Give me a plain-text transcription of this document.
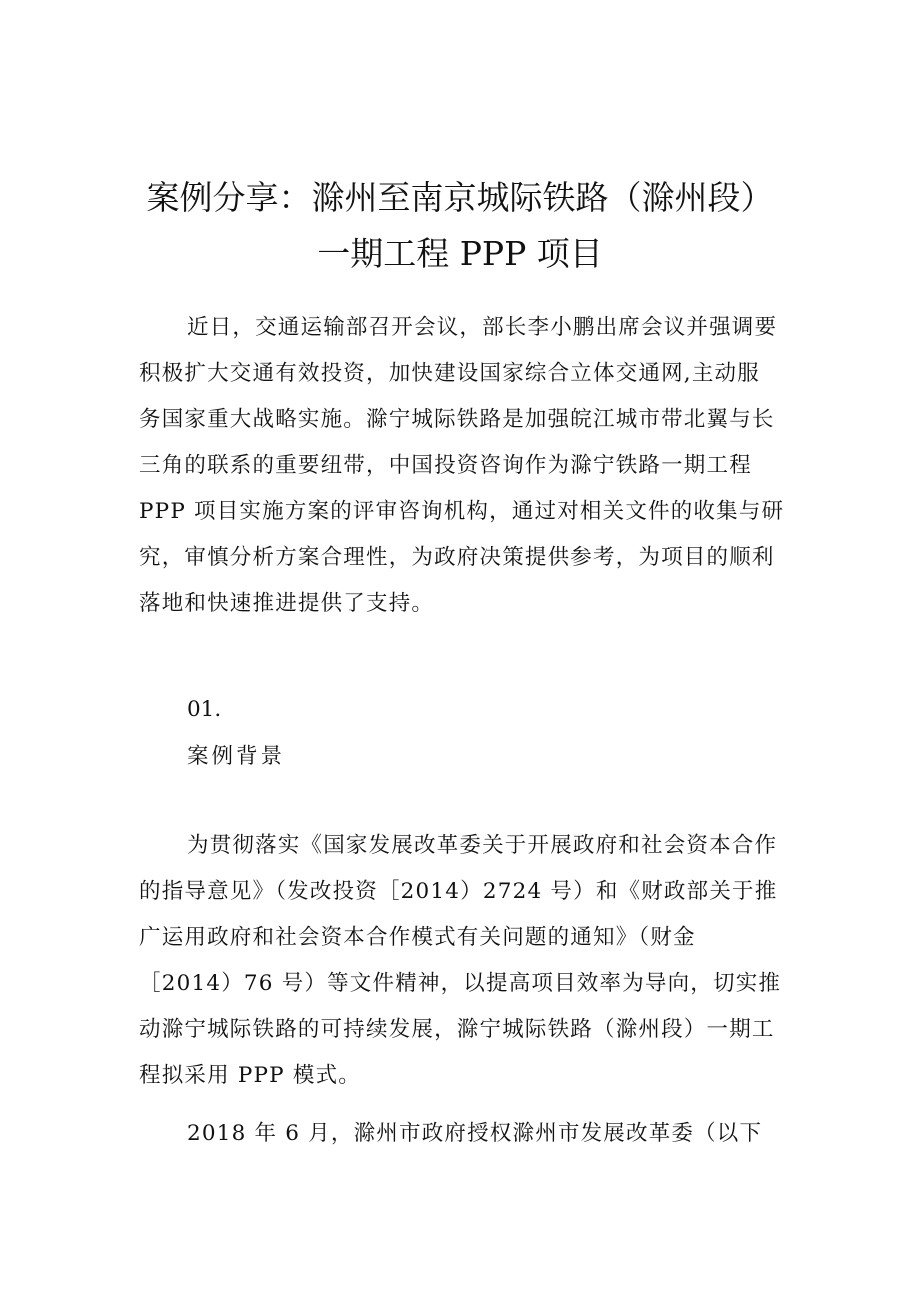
案例分享：滁州至南京城际铁路（滁州段）
一期工程 PPP 项目
近日，交通运输部召开会议，部长李小鹏出席会议并强调要
积极扩大交通有效投资，加快建设国家综合立体交通网,主动服
务国家重大战略实施。滁宁城际铁路是加强皖江城市带北翼与长
三角的联系的重要纽带，中国投资咨询作为滁宁铁路一期工程
PPP 项目实施方案的评审咨询机构，通过对相关文件的收集与研
究，审慎分析方案合理性，为政府决策提供参考，为项目的顺利
落地和快速推进提供了支持。
01.
案例背景
为贯彻落实《国家发展改革委关于开展政府和社会资本合作
的指导意见》（发改投资［2014）2724 号）和《财政部关于推
广运用政府和社会资本合作模式有关问题的通知》（财金
［2014）76 号）等文件精神，以提高项目效率为导向，切实推
动滁宁城际铁路的可持续发展，滁宁城际铁路（滁州段）一期工
程拟采用 PPP 模式。
2018 年 6 月，滁州市政府授权滁州市发展改革委（以下
